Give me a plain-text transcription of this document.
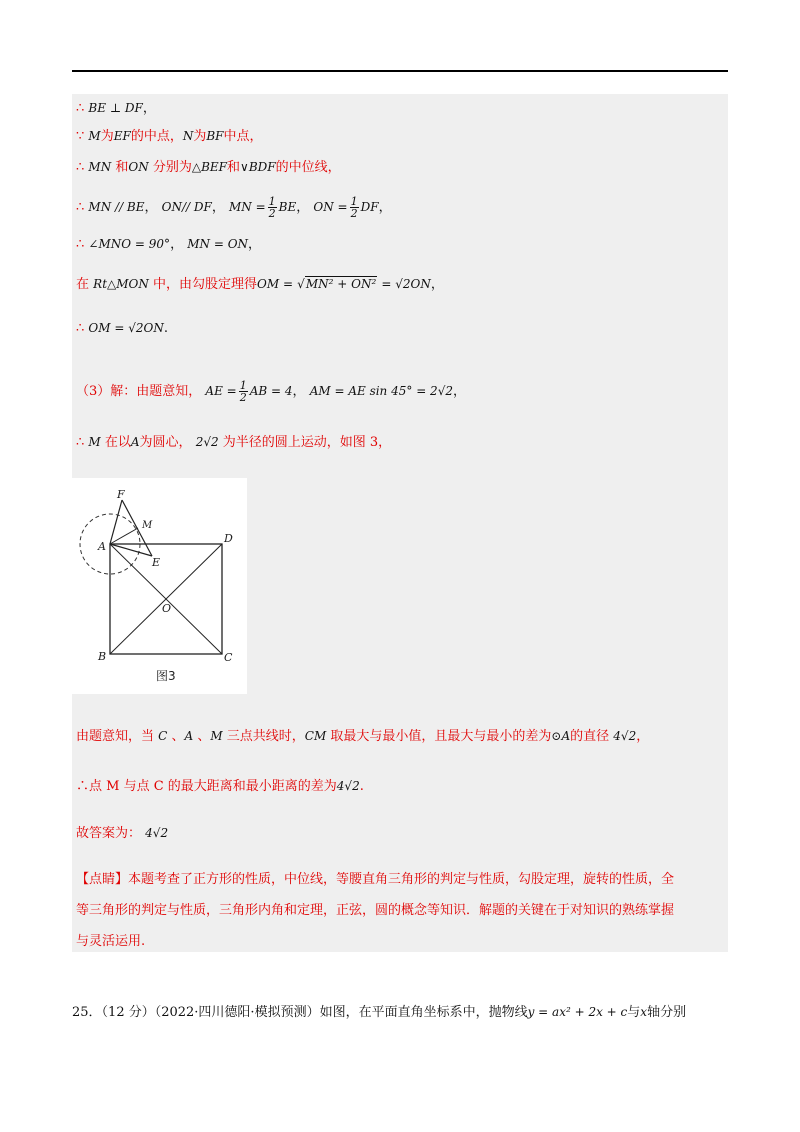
∴ BE ⊥ DF，
∵ M为EF的中点，N为BF中点，
∴ MN 和ON 分别为△BEF和∨BDF的中位线，
∴ MN // BE， ON// DF， MN = $\frac{1}{2}$ BE， ON = $\frac{1}{2}$ DF，
∴ ∠MNO = 90°， MN = ON，
在 Rt△MON 中，由勾股定理得OM = √MN² + ON² = √2ON，
∴ OM = √2ON.
（3）解：由题意知， AE = $\frac{1}{2}$ AB = 4， AM = AE sin 45° = 2√2，
∴ M 在以A为圆心， 2√2 为半径的圆上运动，如图 3，
F
M
A
D
E
O
B	C
图3
由题意知，当 C 、A 、M 三点共线时，CM 取最大与最小值，且最大与最小的差为⊙A的直径 4√2，
∴点 M 与点 C 的最大距离和最小距离的差为4√2.
故答案为： 4√2
【点睛】本题考查了正方形的性质，中位线，等腰直角三角形的判定与性质，勾股定理，旋转的性质，全
等三角形的判定与性质，三角形内角和定理，正弦，圆的概念等知识．解题的关键在于对知识的熟练掌握
与灵活运用.
25．（12 分）（2022·四川德阳·模拟预测）如图，在平面直角坐标系中，抛物线y = ax² + 2x + c与x轴分别
